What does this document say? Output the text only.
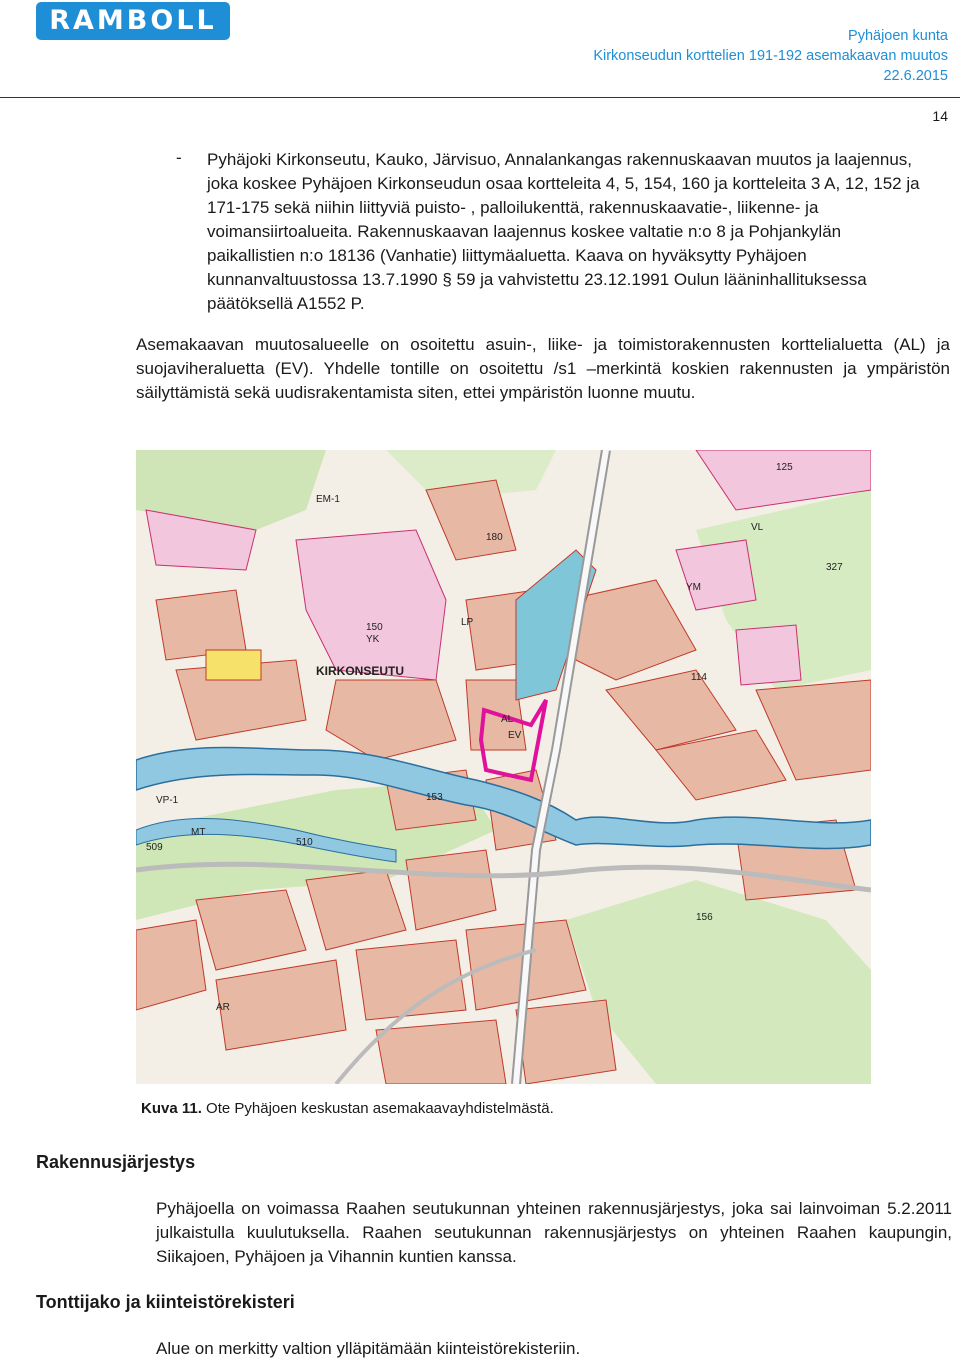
RAMBOLL	Pyhäjoen kunta
Kirkonseudun korttelien 191-192 asemakaavan muutos
22.6.2015
14
- Pyhäjoki Kirkonseutu, Kauko, Järvisuo, Annalankangas rakennuskaavan muutos ja laajennus, joka koskee Pyhäjoen Kirkonseudun osaa kortteleita 4, 5, 154, 160 ja kortteleita 3 A, 12, 152 ja 171-175 sekä niihin liittyviä puisto- , palloilukenttä, rakennuskaavatie-, liikenne- ja voimansiirtoalueita. Rakennuskaavan laajennus koskee valtatie n:o 8 ja Pohjankylän paikallistien n:o 18136 (Vanhatie) liittymäaluetta. Kaava on hyväksytty Pyhäjoen kunnanvaltuustossa 13.7.1990 § 59 ja vahvistettu 23.12.1991 Oulun lääninhallituksessa päätöksellä A1552 P.
Asemakaavan muutosalueelle on osoitettu asuin-, liike- ja toimistorakennusten korttelialuetta (AL) ja suojaviheraluetta (EV). Yhdelle tontille on osoitettu /s1 –merkintä koskien rakennusten ja ympäristön säilyttämistä sekä uudisrakentamista siten, ettei ympäristön luonne muutu.
KIRKONSEUTU
EM-1
VP-1
EV
AL
180
150
YK
125
327
510
509
114
153
156
YM
AR
VL
LP
MT
Kuva 11. Ote Pyhäjoen keskustan asemakaavayhdistelmästä.
Rakennusjärjestys
Pyhäjoella on voimassa Raahen seutukunnan yhteinen rakennusjärjestys, joka sai lainvoiman 5.2.2011 julkaistulla kuulutuksella. Raahen seutukunnan rakennusjärjestys on yhteinen Raahen kaupungin, Siikajoen, Pyhäjoen ja Vihannin kuntien kanssa.
Tonttijako ja kiinteistörekisteri
Alue on merkitty valtion ylläpitämään kiinteistörekisteriin.
